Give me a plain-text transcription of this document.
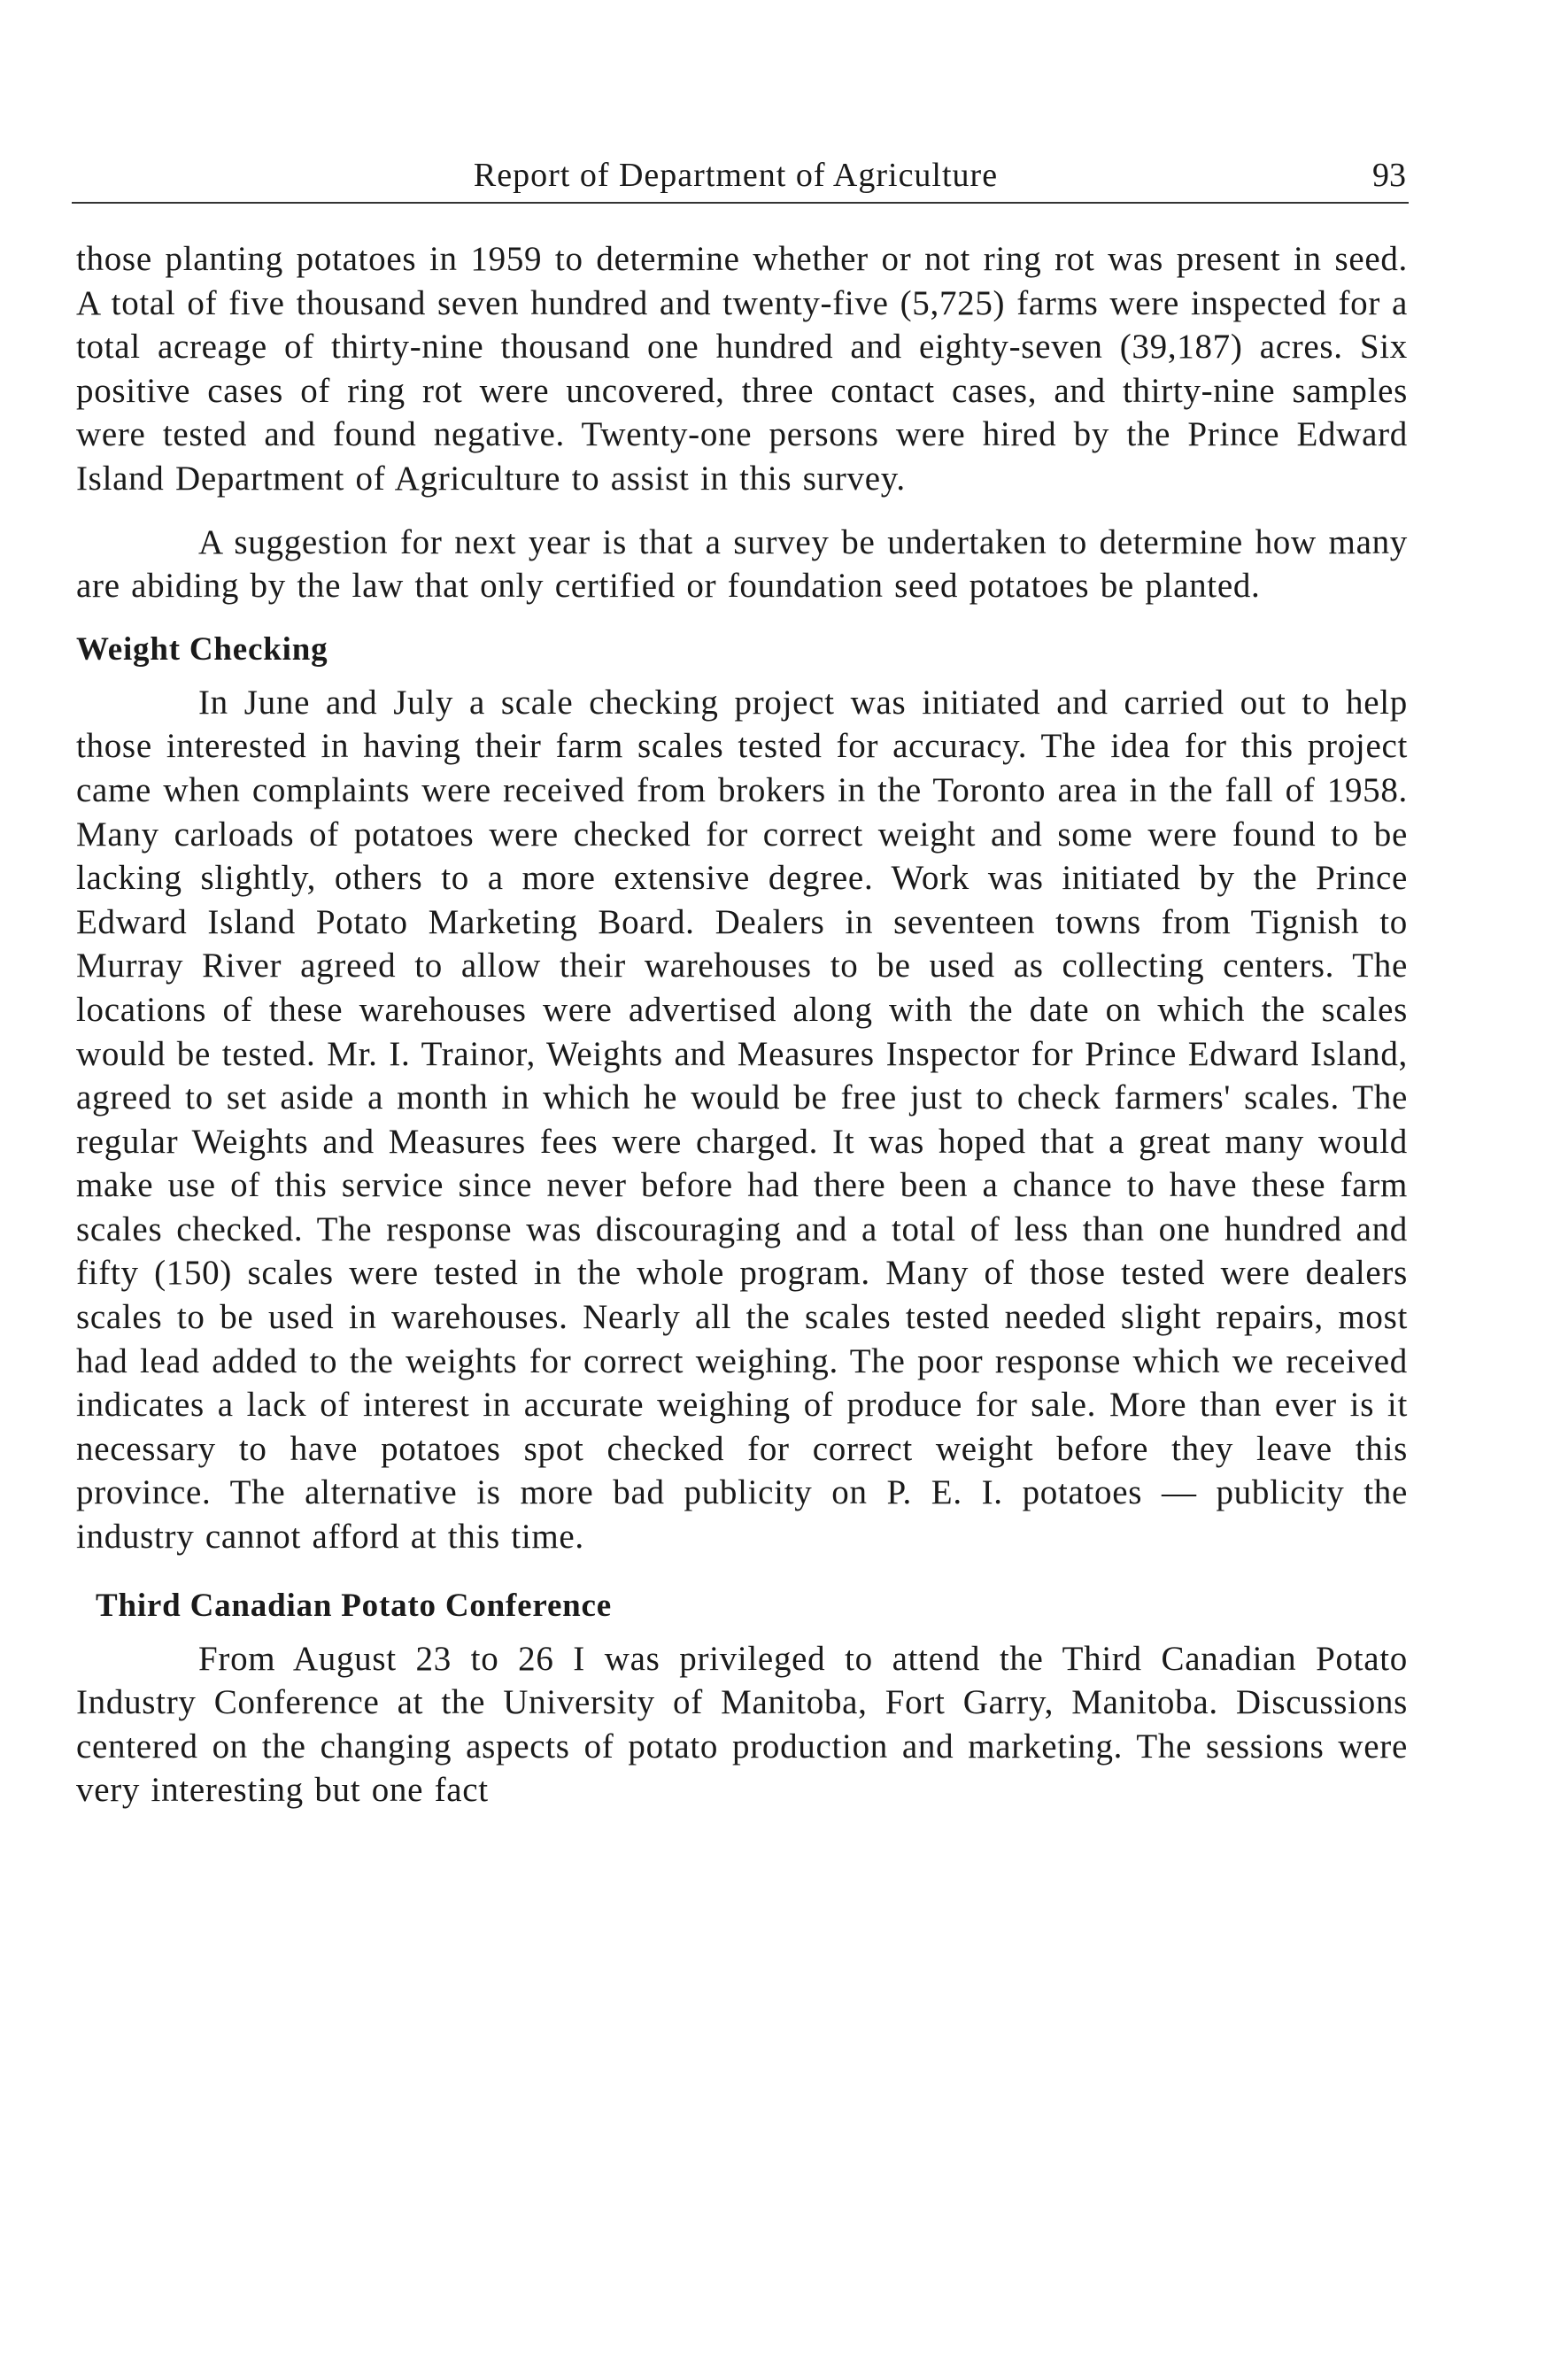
Report of Department of Agriculture	93

those planting potatoes in 1959 to determine whether or not ring rot was present in seed. A total of five thousand seven hundred and twenty-five (5,725) farms were inspected for a total acreage of thirty-nine thousand one hundred and eighty-seven (39,187) acres. Six positive cases of ring rot were uncovered, three contact cases, and thirty-nine samples were tested and found negative. Twenty-one persons were hired by the Prince Edward Island Department of Agriculture to assist in this survey.

A suggestion for next year is that a survey be undertaken to determine how many are abiding by the law that only certified or foundation seed potatoes be planted.

Weight Checking

In June and July a scale checking project was initiated and carried out to help those interested in having their farm scales tested for accuracy. The idea for this project came when complaints were received from brokers in the Toronto area in the fall of 1958. Many carloads of potatoes were checked for correct weight and some were found to be lacking slightly, others to a more extensive degree. Work was initiated by the Prince Edward Island Potato Marketing Board. Dealers in seventeen towns from Tignish to Murray River agreed to allow their warehouses to be used as collecting centers. The locations of these warehouses were advertised along with the date on which the scales would be tested. Mr. I. Trainor, Weights and Measures Inspector for Prince Edward Island, agreed to set aside a month in which he would be free just to check farmers' scales. The regular Weights and Measures fees were charged. It was hoped that a great many would make use of this service since never before had there been a chance to have these farm scales checked. The response was discouraging and a total of less than one hundred and fifty (150) scales were tested in the whole program. Many of those tested were dealers scales to be used in warehouses. Nearly all the scales tested needed slight repairs, most had lead added to the weights for correct weighing. The poor response which we received indicates a lack of interest in accurate weighing of produce for sale. More than ever is it necessary to have potatoes spot checked for correct weight before they leave this province. The alternative is more bad publicity on P. E. I. potatoes — publicity the industry cannot afford at this time.

Third Canadian Potato Conference

From August 23 to 26 I was privileged to attend the Third Canadian Potato Industry Conference at the University of Manitoba, Fort Garry, Manitoba. Discussions centered on the changing aspects of potato production and marketing. The sessions were very interesting but one fact
